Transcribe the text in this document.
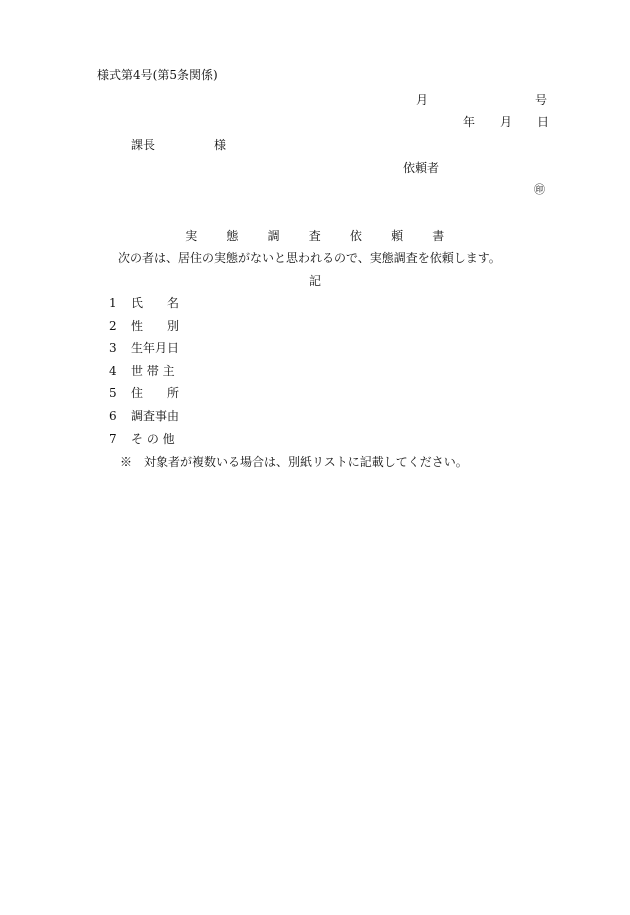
様式第4号(第5条関係)
月	号
年 月 日
課長	様
依頼者
㊞
実 態 調 査 依 頼 書
次の者は、居住の実態がないと思われるので、実態調査を依頼します。
記
1 氏　　名
2 性　　別
3 生年月日
4 世 帯 主
5 住　　所
6 調査事由
7 そ の 他
※　対象者が複数いる場合は、別紙リストに記載してください。
